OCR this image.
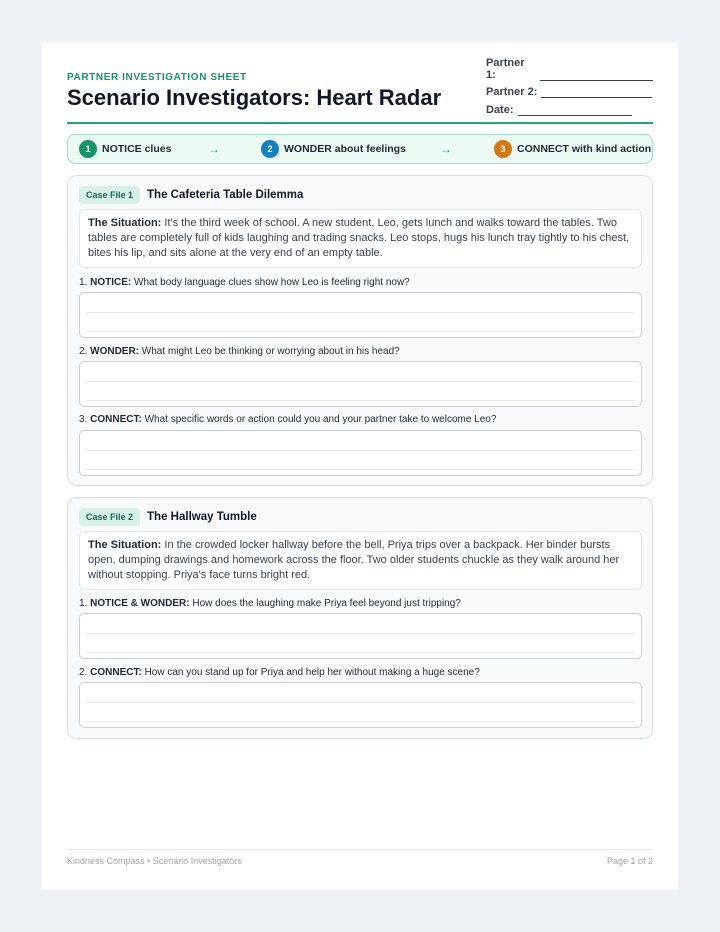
PARTNER INVESTIGATION SHEET
Scenario Investigators: Heart Radar
Partner 1:
Partner 2:
Date:
1	NOTICE clues	→	2	WONDER about feelings	→	3	CONNECT with kind action
Case File 1	The Cafeteria Table Dilemma
The Situation: It's the third week of school. A new student, Leo, gets lunch and walks toward the tables. Two tables are completely full of kids laughing and trading snacks. Leo stops, hugs his lunch tray tightly to his chest, bites his lip, and sits alone at the very end of an empty table.
1. NOTICE: What body language clues show how Leo is feeling right now?
2. WONDER: What might Leo be thinking or worrying about in his head?
3. CONNECT: What specific words or action could you and your partner take to welcome Leo?
Case File 2	The Hallway Tumble
The Situation: In the crowded locker hallway before the bell, Priya trips over a backpack. Her binder bursts open, dumping drawings and homework across the floor. Two older students chuckle as they walk around her without stopping. Priya's face turns bright red.
1. NOTICE & WONDER: How does the laughing make Priya feel beyond just tripping?
2. CONNECT: How can you stand up for Priya and help her without making a huge scene?
Kindness Compass • Scenario Investigators	Page 1 of 2
